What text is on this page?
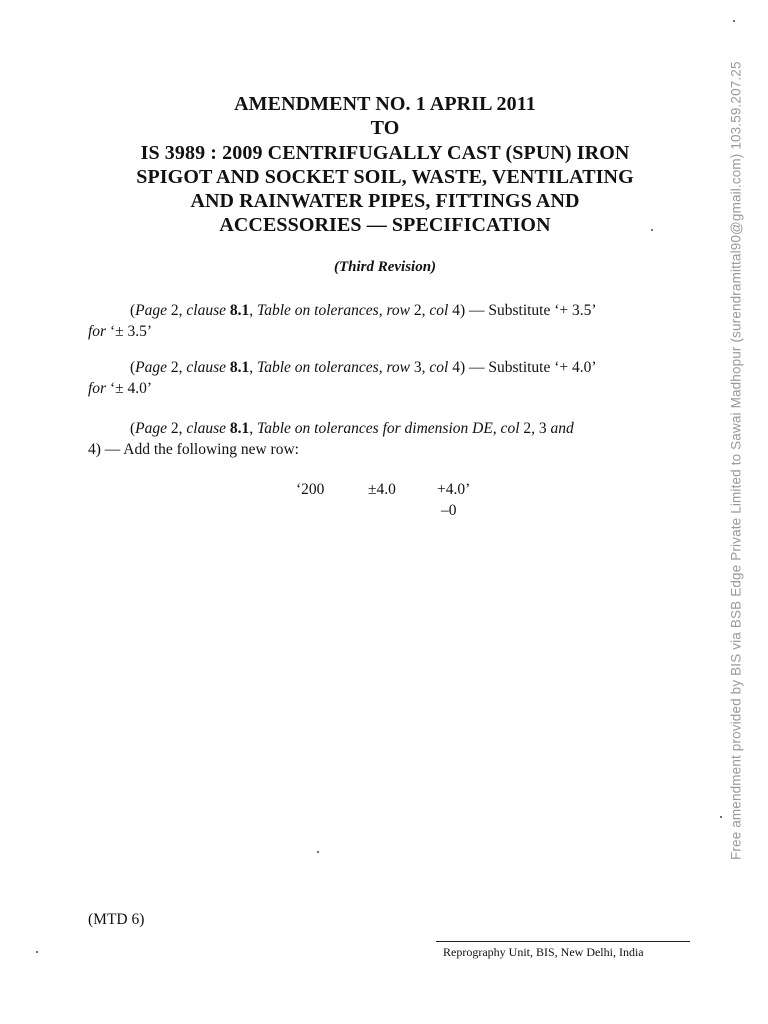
AMENDMENT NO. 1 APRIL 2011
TO
IS 3989 : 2009 CENTRIFUGALLY CAST (SPUN) IRON
SPIGOT AND SOCKET SOIL, WASTE, VENTILATING
AND RAINWATER PIPES, FITTINGS AND
ACCESSORIES — SPECIFICATION
(Third Revision)
(Page 2, clause 8.1, Table on tolerances, row 2, col 4) — Substitute ‘+ 3.5’
for ‘± 3.5’
(Page 2, clause 8.1, Table on tolerances, row 3, col 4) — Substitute ‘+ 4.0’
for ‘± 4.0’
(Page 2, clause 8.1, Table on tolerances for dimension DE, col 2, 3 and
4) — Add the following new row:
‘200	±4.0	+4.0’
–0
(MTD 6)
Reprography Unit, BIS, New Delhi, India
Free amendment provided by BIS via BSB Edge Private Limited to Sawai Madhopur (surendramittal90@gmail.com) 103.59.207.25
